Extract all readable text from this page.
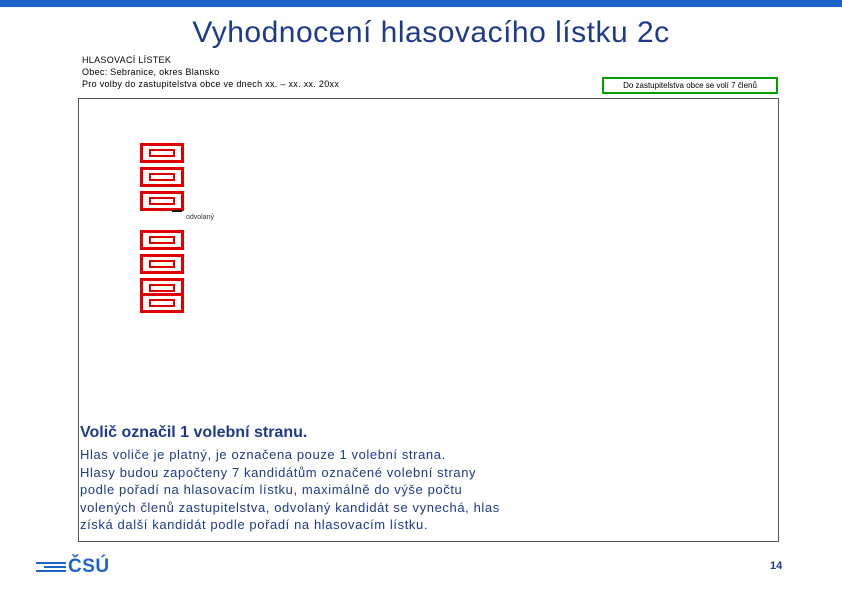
Vyhodnocení hlasovacího lístku 2c
HLASOVACÍ LÍSTEK
Obec: Sebranice, okres Blansko
Pro volby do zastupitelstva obce ve dnech xx. – xx. xx. 20xx	Do zastupitelstva obce se volí 7 členů
odvolaný
Volič označil 1 volební stranu.
Hlas voliče je platný, je označena pouze 1 volební strana.
Hlasy budou započteny 7 kandidátům označené volební strany
podle pořadí na hlasovacím lístku, maximálně do výše počtu
volených členů zastupitelstva, odvolaný kandidát se vynechá, hlas
získá další kandidát podle pořadí na hlasovacím lístku.
ČSÚ	14
